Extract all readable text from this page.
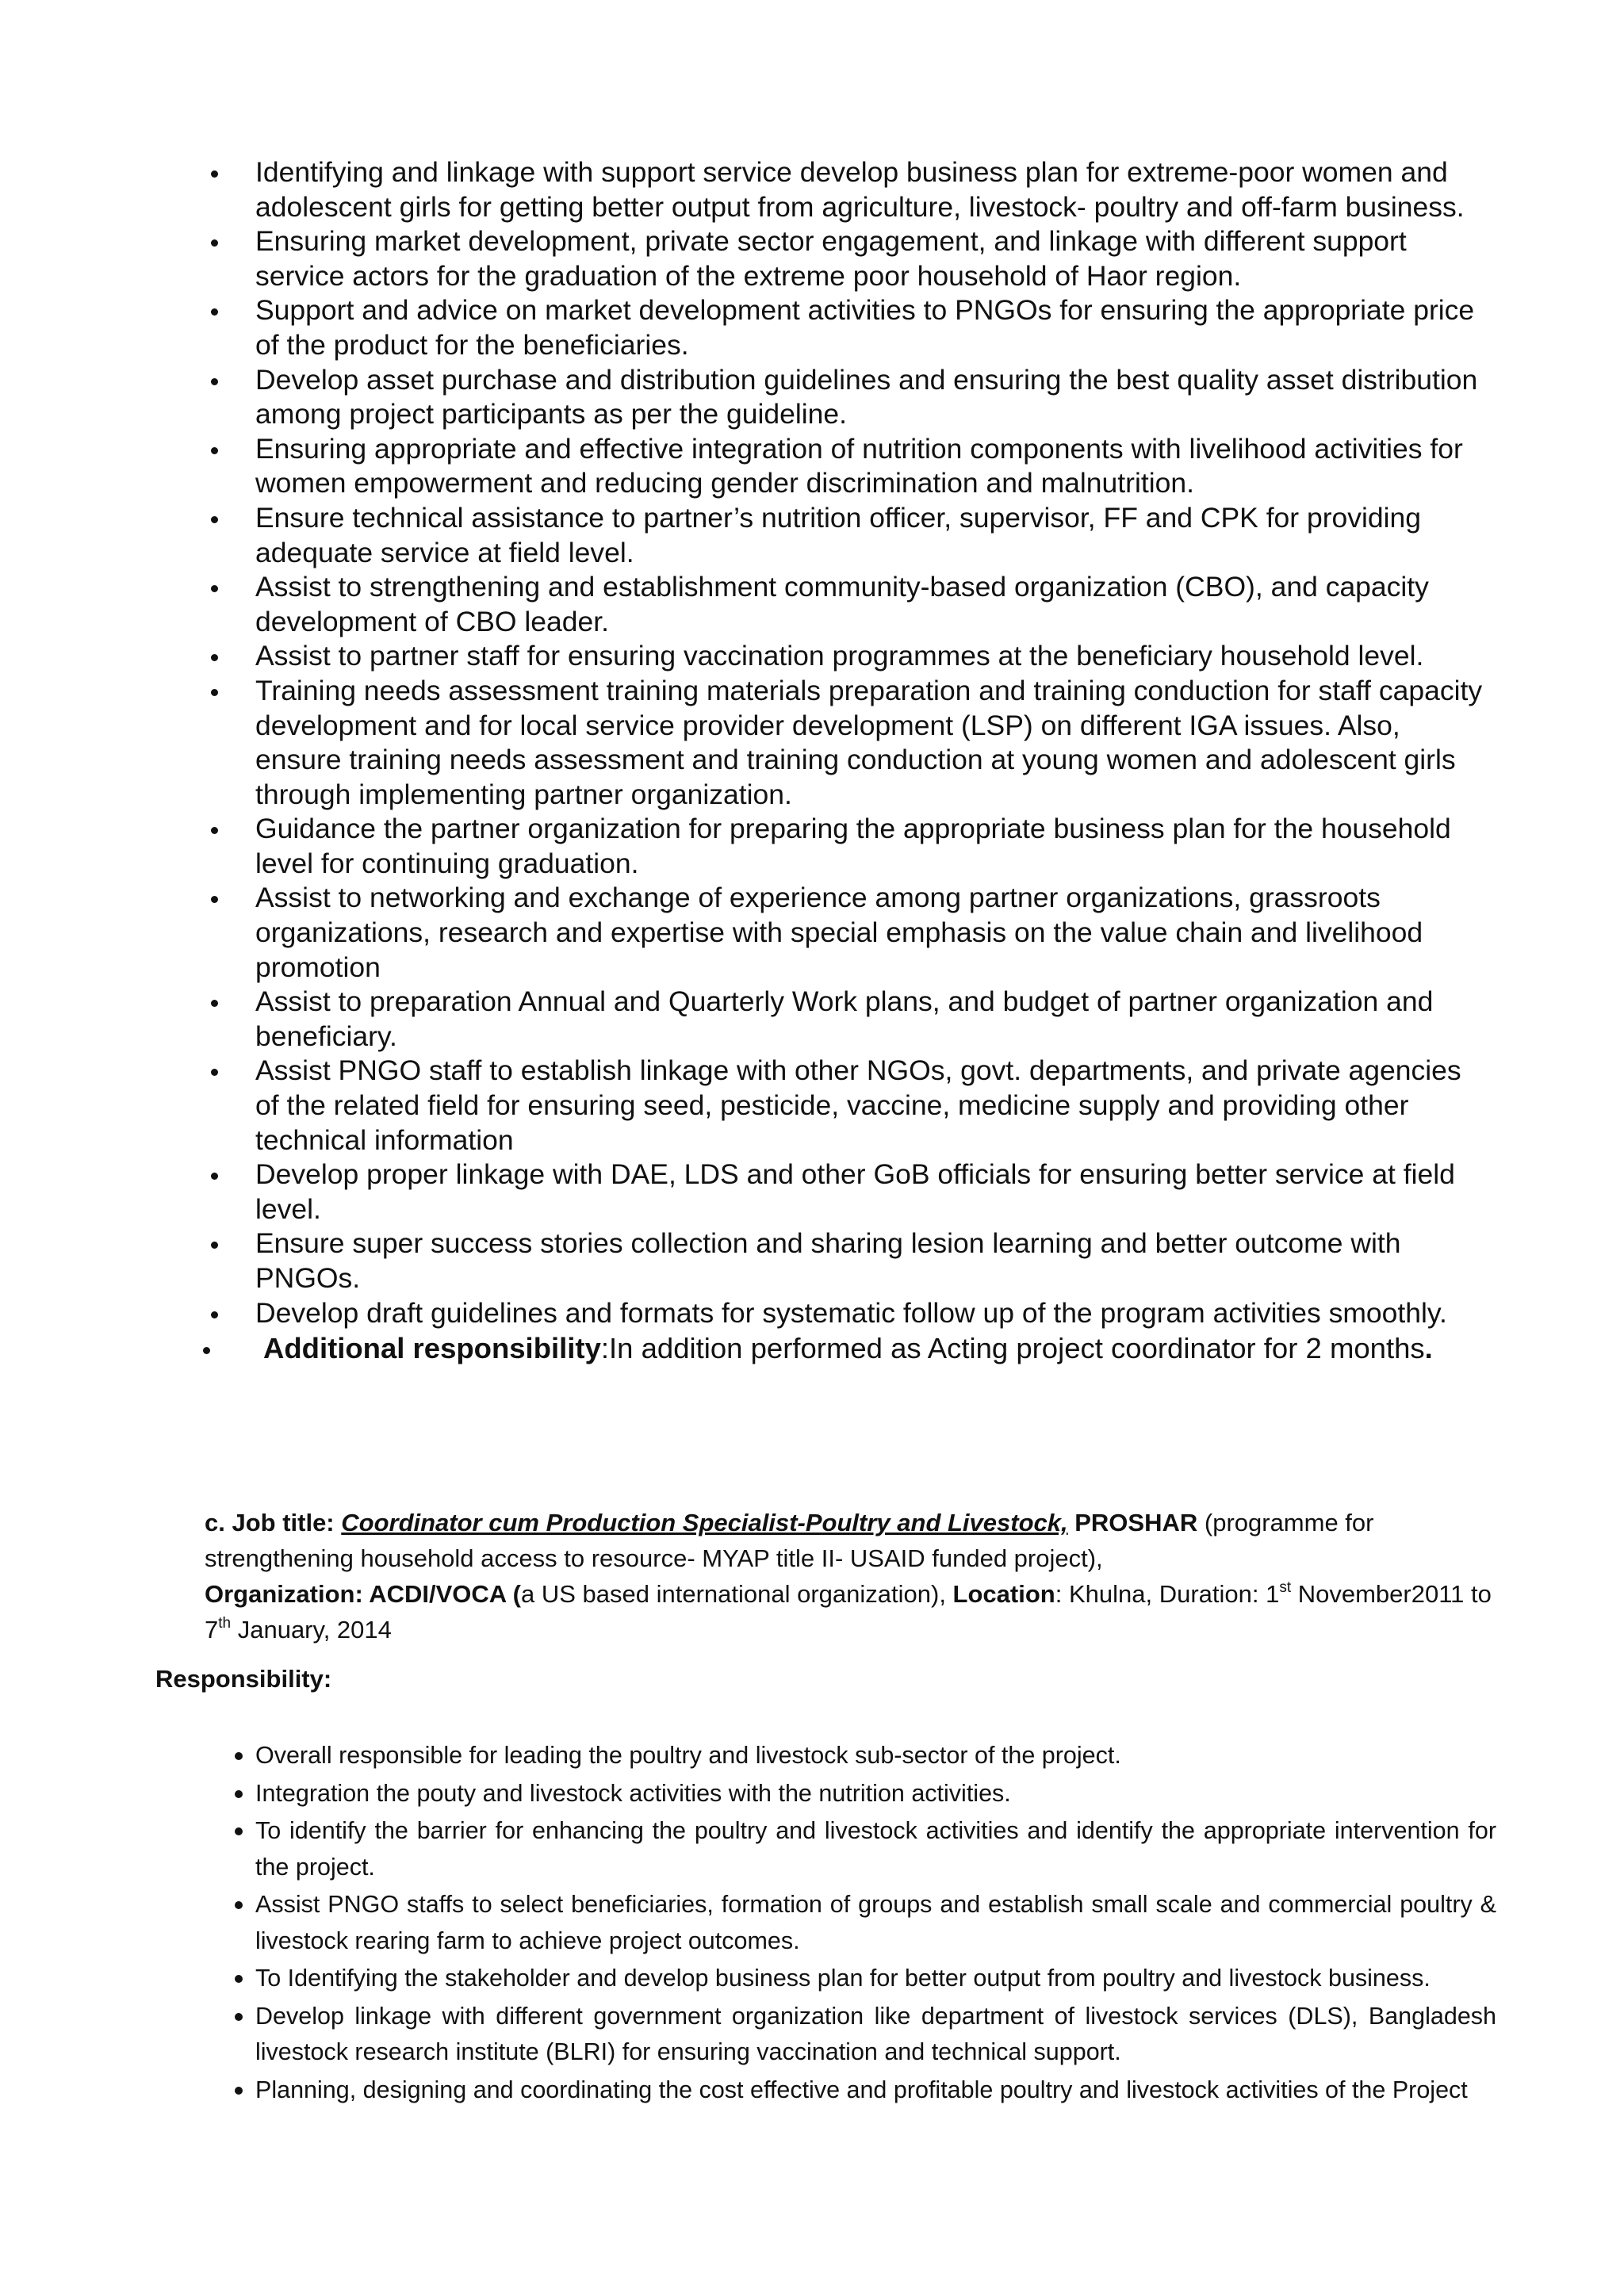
Identifying and linkage with support service develop business plan for extreme-poor women and adolescent girls for getting better output from agriculture, livestock- poultry and off-farm business.
Ensuring market development, private sector engagement, and linkage with different support service actors for the graduation of the extreme poor household of Haor region.
Support and advice on market development activities to PNGOs for ensuring the appropriate price of the product for the beneficiaries.
Develop asset purchase and distribution guidelines and ensuring the best quality asset distribution among project participants as per the guideline.
Ensuring appropriate and effective integration of nutrition components with livelihood activities for women empowerment and reducing gender discrimination and malnutrition.
Ensure technical assistance to partner’s nutrition officer, supervisor, FF and CPK for providing adequate service at field level.
Assist to strengthening and establishment community-based organization (CBO), and capacity development of CBO leader.
Assist to partner staff for ensuring vaccination programmes at the beneficiary household level.
Training needs assessment training materials preparation and training conduction for staff capacity development and for local service provider development (LSP) on different IGA issues. Also, ensure training needs assessment and training conduction at young women and adolescent girls through implementing partner organization.
Guidance the partner organization for preparing the appropriate business plan for the household level for continuing graduation.
Assist to networking and exchange of experience among partner organizations, grassroots organizations, research and expertise with special emphasis on the value chain and livelihood promotion
Assist to preparation Annual and Quarterly Work plans, and budget of partner organization and beneficiary.
Assist PNGO staff to establish linkage with other NGOs, govt. departments, and private agencies of the related field for ensuring seed, pesticide, vaccine, medicine supply and providing other technical information
Develop proper linkage with DAE, LDS and other GoB officials for ensuring better service at field level.
Ensure super success stories collection and sharing lesion learning and better outcome with PNGOs.
Develop draft guidelines and formats for systematic follow up of the program activities smoothly.
Additional responsibility:In addition performed as Acting project coordinator for 2 months.

c. Job title: Coordinator cum Production Specialist-Poultry and Livestock, PROSHAR (programme for strengthening household access to resource- MYAP title II- USAID funded project),

Organization: ACDI/VOCA (a US based international organization), Location: Khulna, Duration: 1st November2011 to 7th January, 2014

Responsibility:
Overall responsible for leading the poultry and livestock sub-sector of the project.
Integration the pouty and livestock activities with the nutrition activities.
To identify the barrier for enhancing the poultry and livestock activities and identify the appropriate intervention for the project.
Assist PNGO staffs to select beneficiaries, formation of groups and establish small scale and commercial poultry & livestock rearing farm to achieve project outcomes.
To Identifying the stakeholder and develop business plan for better output from poultry and livestock business.
Develop linkage with different government organization like department of livestock services (DLS), Bangladesh livestock research institute (BLRI) for ensuring vaccination and technical support.
Planning, designing and coordinating the cost effective and profitable poultry and livestock activities of the Project
